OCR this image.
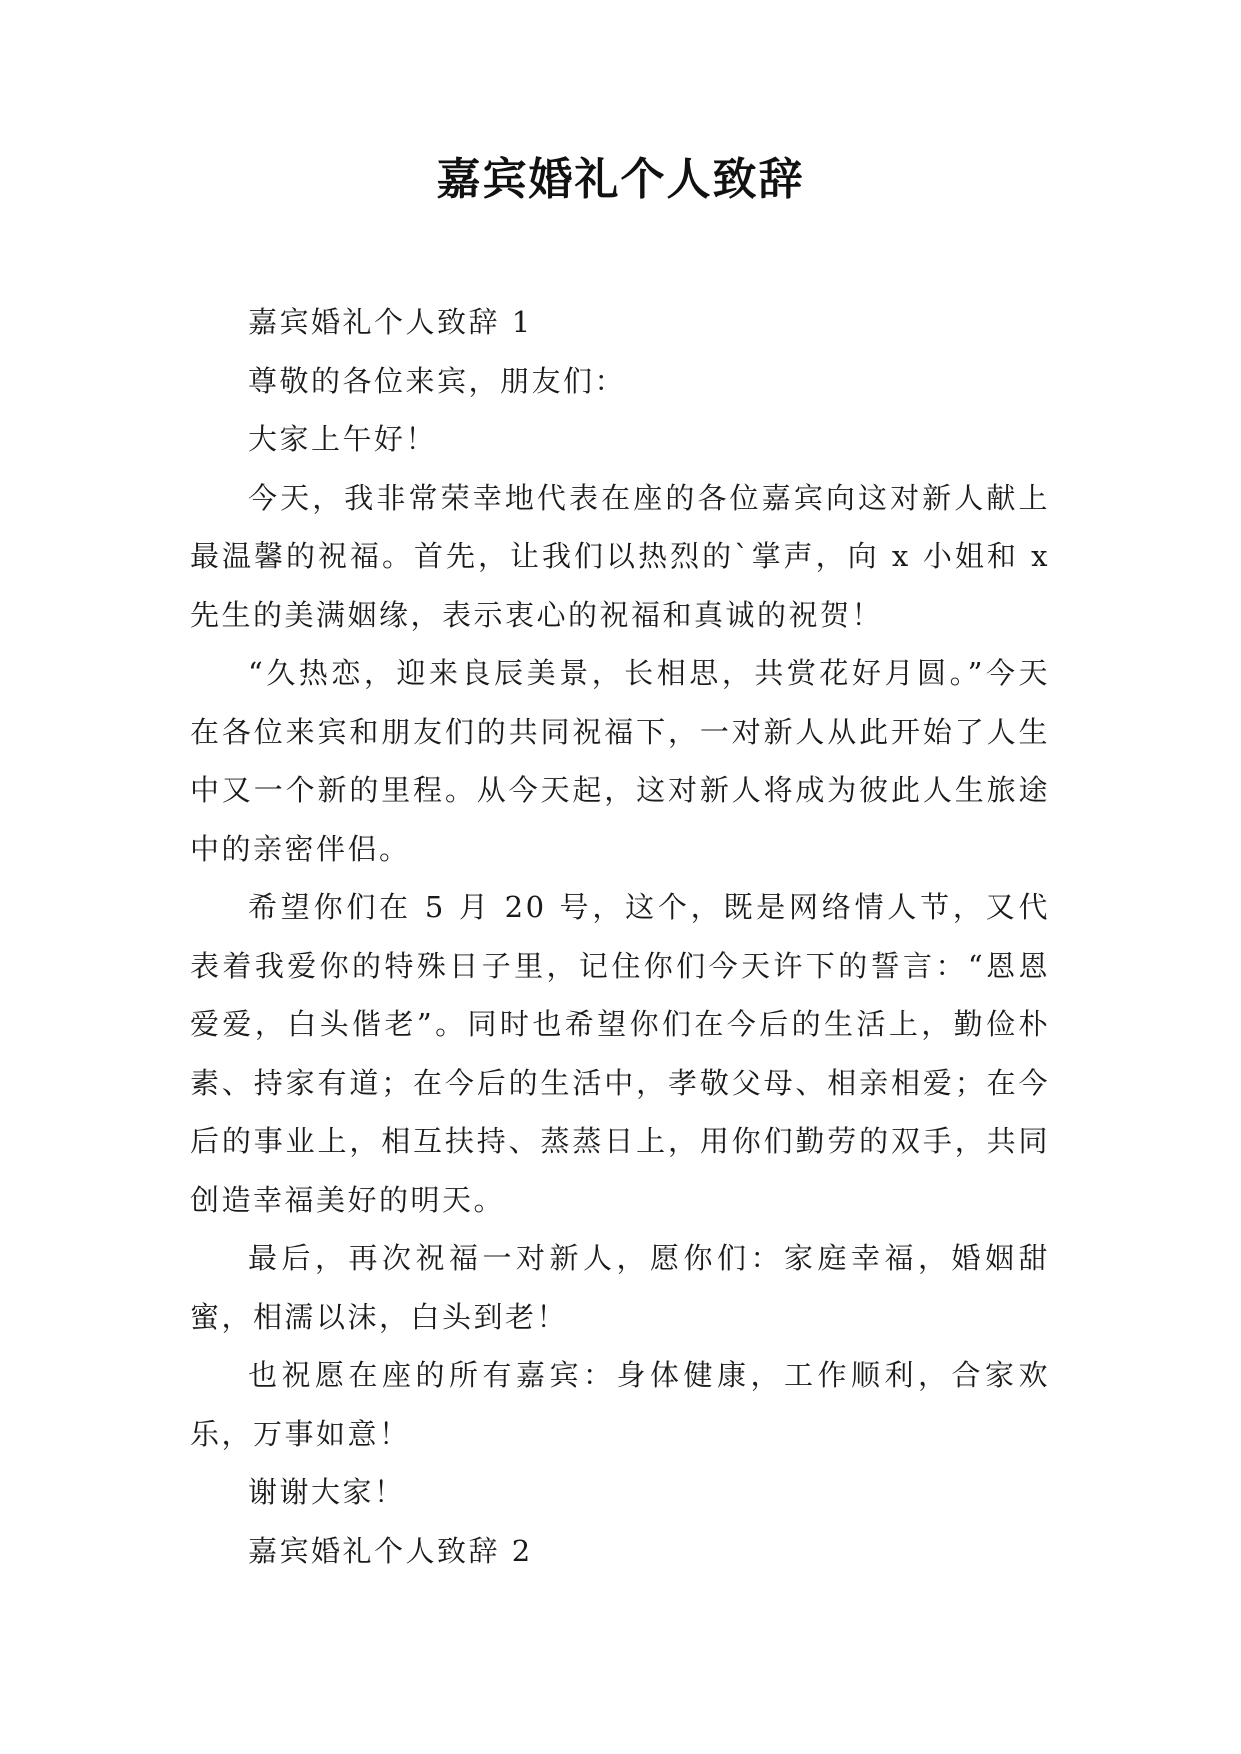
嘉宾婚礼个人致辞

嘉宾婚礼个人致辞 1

尊敬的各位来宾，朋友们：

大家上午好！

今天，我非常荣幸地代表在座的各位嘉宾向这对新人献上最温馨的祝福。首先，让我们以热烈的`掌声，向 x 小姐和 x 先生的美满姻缘，表示衷心的祝福和真诚的祝贺！

“久热恋，迎来良辰美景，长相思，共赏花好月圆。”今天在各位来宾和朋友们的共同祝福下，一对新人从此开始了人生中又一个新的里程。从今天起，这对新人将成为彼此人生旅途中的亲密伴侣。

希望你们在 5 月 20 号，这个，既是网络情人节，又代表着我爱你的特殊日子里，记住你们今天许下的誓言：“恩恩爱爱，白头偕老”。同时也希望你们在今后的生活上，勤俭朴素、持家有道；在今后的生活中，孝敬父母、相亲相爱；在今后的事业上，相互扶持、蒸蒸日上，用你们勤劳的双手，共同创造幸福美好的明天。

最后，再次祝福一对新人，愿你们：家庭幸福，婚姻甜蜜，相濡以沫，白头到老！

也祝愿在座的所有嘉宾：身体健康，工作顺利，合家欢乐，万事如意！

谢谢大家！

嘉宾婚礼个人致辞 2
